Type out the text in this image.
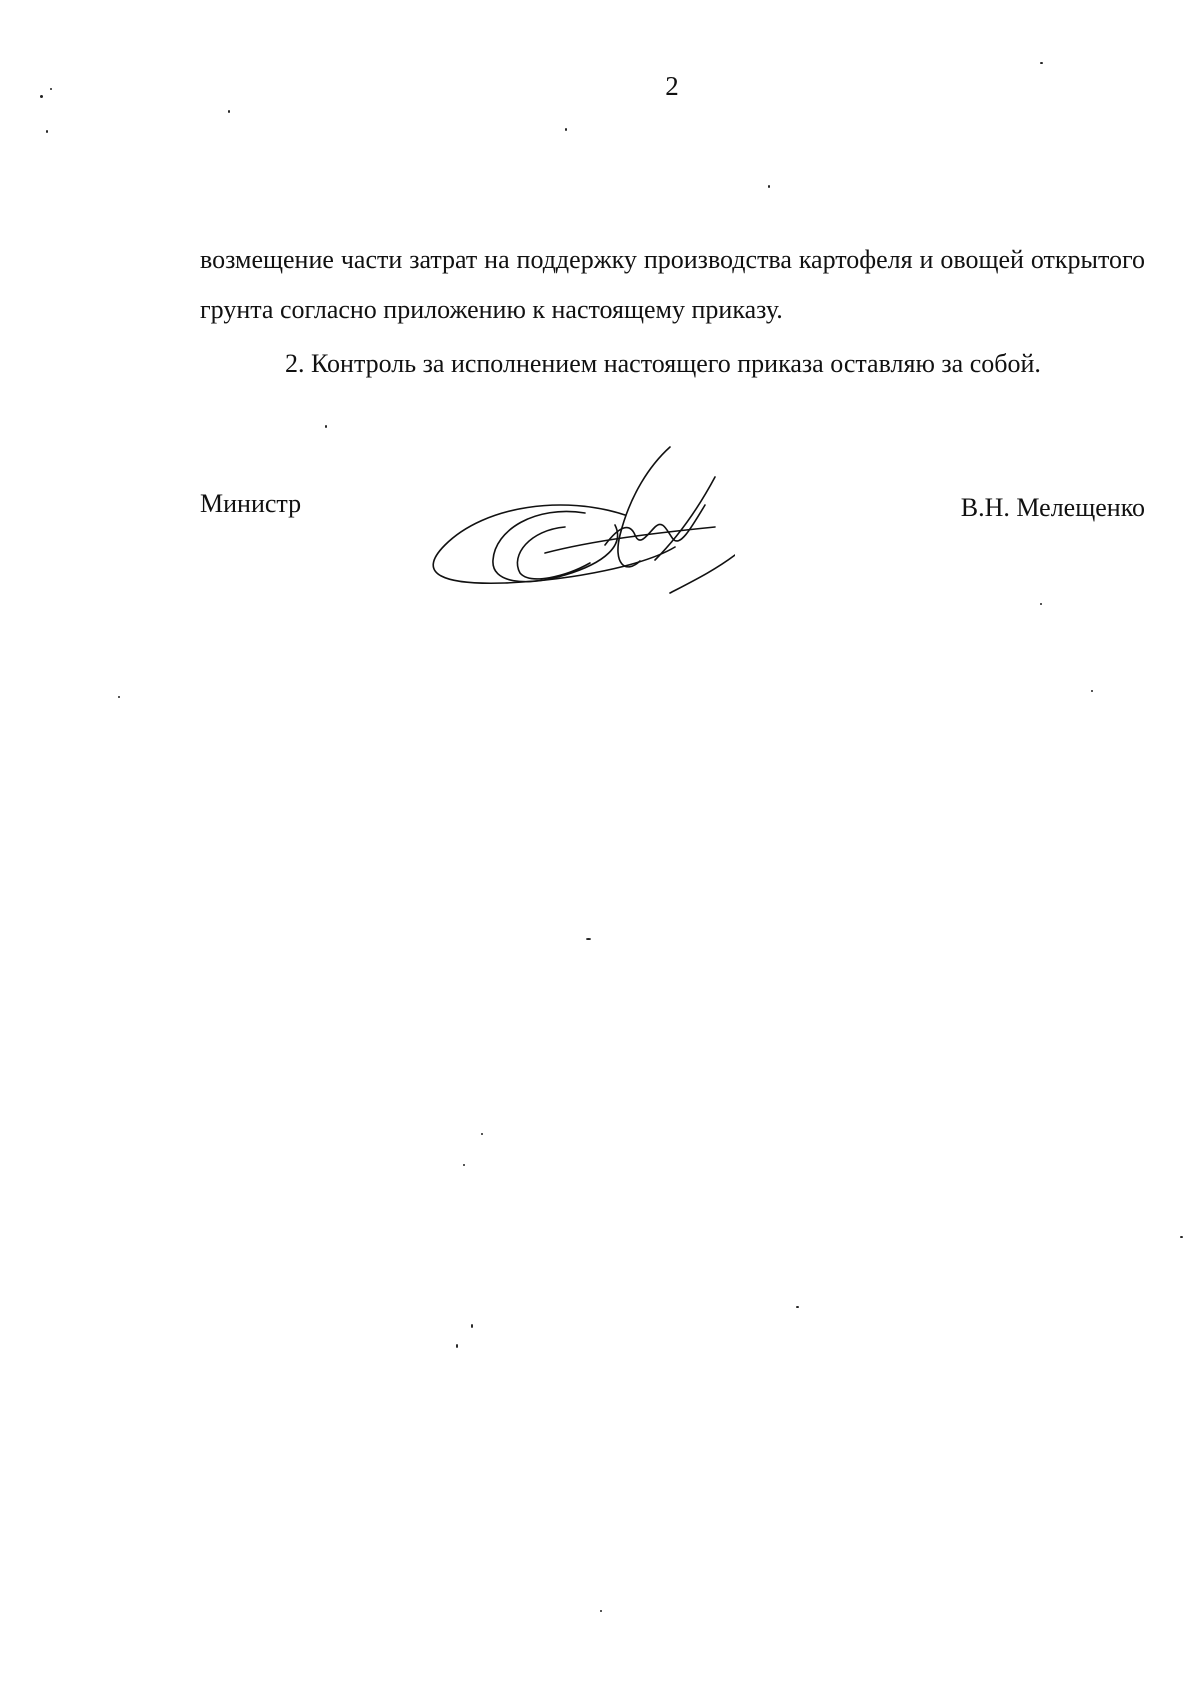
2

возмещение части затрат на поддержку производства картофеля и овощей открытого грунта согласно приложению к настоящему приказу.

2. Контроль за исполнением настоящего приказа оставляю за собой.

Министр	В.Н. Мелещенко
